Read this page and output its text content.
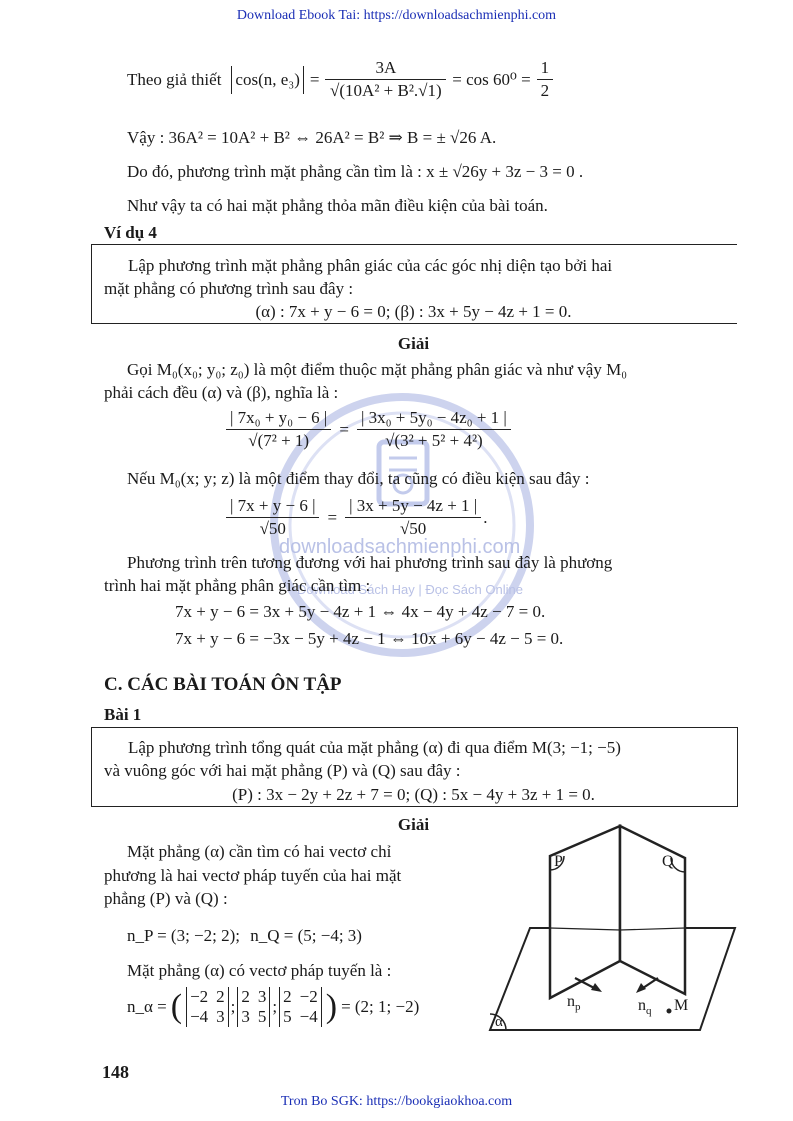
Download Ebook Tai: https://downloadsachmienphi.com
downloadsachmienphi.com
Download Sách Hay | Đọc Sách Online
Theo giả thiết cos(n, $e_3) = \frac{3A}{\text{√(10A² + B².√1)}} = \cos 60^0 = \frac{1}{2}$
Vậy : 36A² = 10A² + B² ⇔ 26A² = B² ⇒ B = ± √26 A.
Do đó, phương trình mặt phẳng cần tìm là : x ± √26y + 3z − 3 = 0 .
Như vậy ta có hai mặt phẳng thỏa mãn điều kiện của bài toán.
Ví dụ 4
Lập phương trình mặt phẳng phân giác của các góc nhị diện tạo bởi hai
mặt phẳng có phương trình sau đây :
(α) : 7x + y − 6 = 0; (β) : 3x + 5y − 4z + 1 = 0.
Giải
Gọi M₀(x₀; y₀; z₀) là một điểm thuộc mặt phẳng phân giác và như vậy M₀
phải cách đều (α) và (β), nghĩa là :
$\frac{\text{| 7x₀ + y₀ − 6 |}}{\text{√(7² + 1)}} = \frac{\text{| 3x₀ + 5y₀ − 4z₀ + 1 |}}{\text{√(3² + 5² + 4²)}}$
Nếu M₀(x; y; z) là một điểm thay đổi, ta cũng có điều kiện sau đây :
$\frac{| 7x + y - 6 |}{√50} = \frac{| 3x + 5y - 4z + 1 |}{√50}$ .
Phương trình trên tương đương với hai phương trình sau đây là phương
trình hai mặt phẳng phân giác cần tìm :
7x + y − 6 = 3x + 5y − 4z + 1 ⇔ 4x − 4y + 4z − 7 = 0.
7x + y − 6 = −3x − 5y + 4z − 1 ⇔ 10x + 6y − 4z − 5 = 0.
C. CÁC BÀI TOÁN ÔN TẬP
Bài 1
Lập phương trình tổng quát của mặt phẳng (α) đi qua điểm M(3; −1; −5)
và vuông góc với hai mặt phẳng (P) và (Q) sau đây :
(P) : 3x − 2y + 2z + 7 = 0; (Q) : 5x − 4y + 3z + 1 = 0.
Giải
Mặt phẳng (α) cần tìm có hai vectơ chỉ
phương là hai vectơ pháp tuyến của hai mặt
phẳng (P) và (Q) :
n_P = (3; −2; 2); n_Q = (5; −4; 3)
Mặt phẳng (α) có vectơ pháp tuyến là :
n_α = ( −2 2
−4 3
;
2 3
3 5
;
2 −2
5 −4 ) = (2; 1; −2)
P	Q
α
$n_p$	$n_q$ M
148
Tron Bo SGK: https://bookgiaokhoa.com
